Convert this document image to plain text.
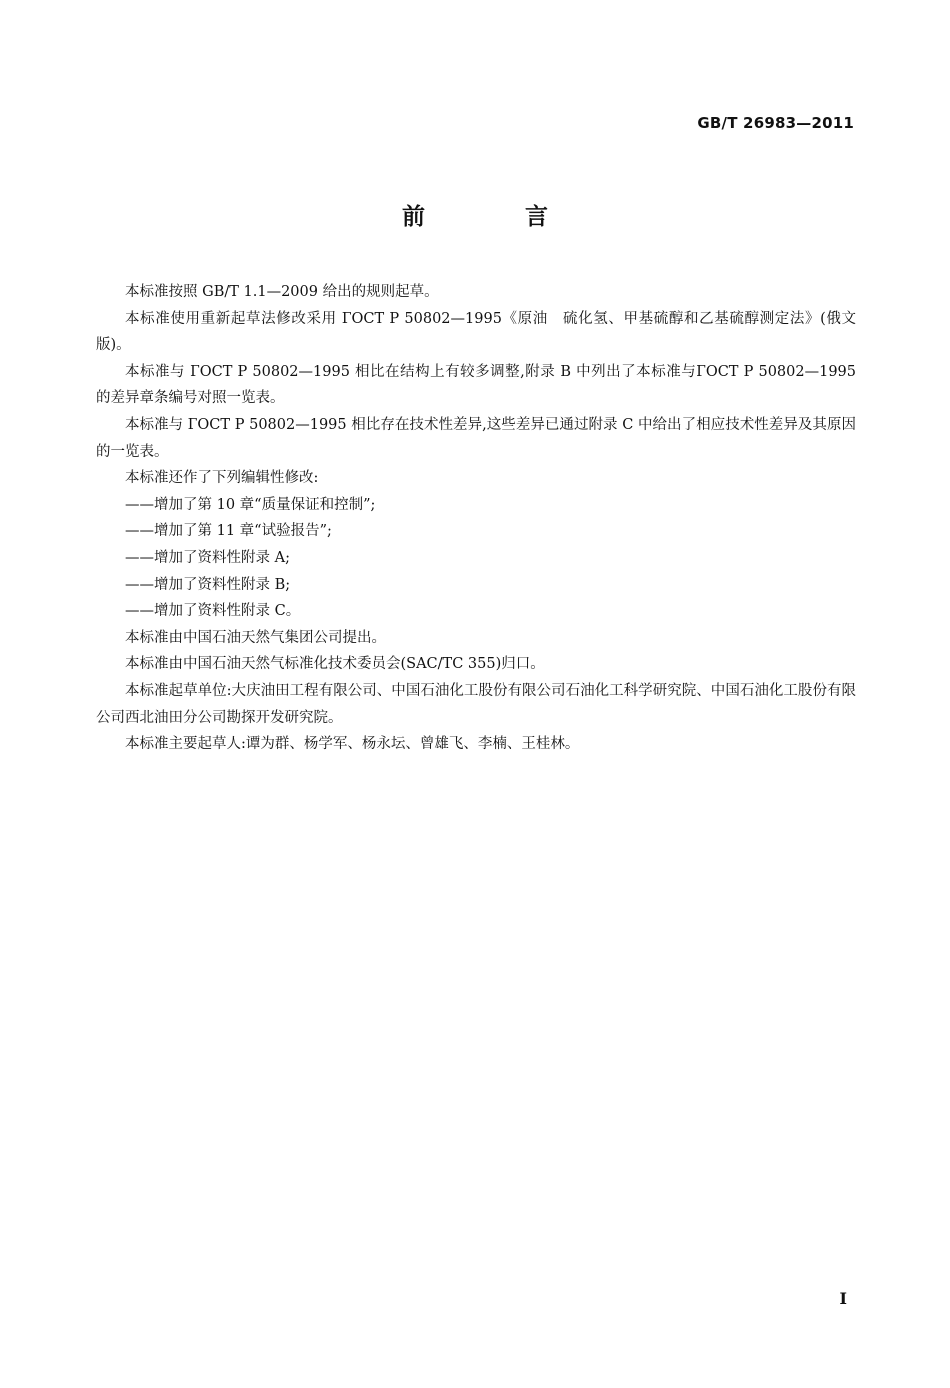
GB/T 26983—2011
前 言

本标准按照 GB/T 1.1—2009 给出的规则起草。

本标准使用重新起草法修改采用 ГОСТ Р 50802—1995《原油　硫化氢、甲基硫醇和乙基硫醇测定法》(俄文版)。

本标准与 ГОСТ Р 50802—1995 相比在结构上有较多调整,附录 B 中列出了本标准与ГОСТ Р 50802—1995 的差异章条编号对照一览表。

本标准与 ГОСТ Р 50802—1995 相比存在技术性差异,这些差异已通过附录 C 中给出了相应技术性差异及其原因的一览表。

本标准还作了下列编辑性修改:

——增加了第 10 章“质量保证和控制”;

——增加了第 11 章“试验报告”;

——增加了资料性附录 A;

——增加了资料性附录 B;

——增加了资料性附录 C。

本标准由中国石油天然气集团公司提出。

本标准由中国石油天然气标准化技术委员会(SAC/TC 355)归口。

本标准起草单位:大庆油田工程有限公司、中国石油化工股份有限公司石油化工科学研究院、中国石油化工股份有限公司西北油田分公司勘探开发研究院。

本标准主要起草人:谭为群、杨学军、杨永坛、曾雄飞、李楠、王桂林。

I
